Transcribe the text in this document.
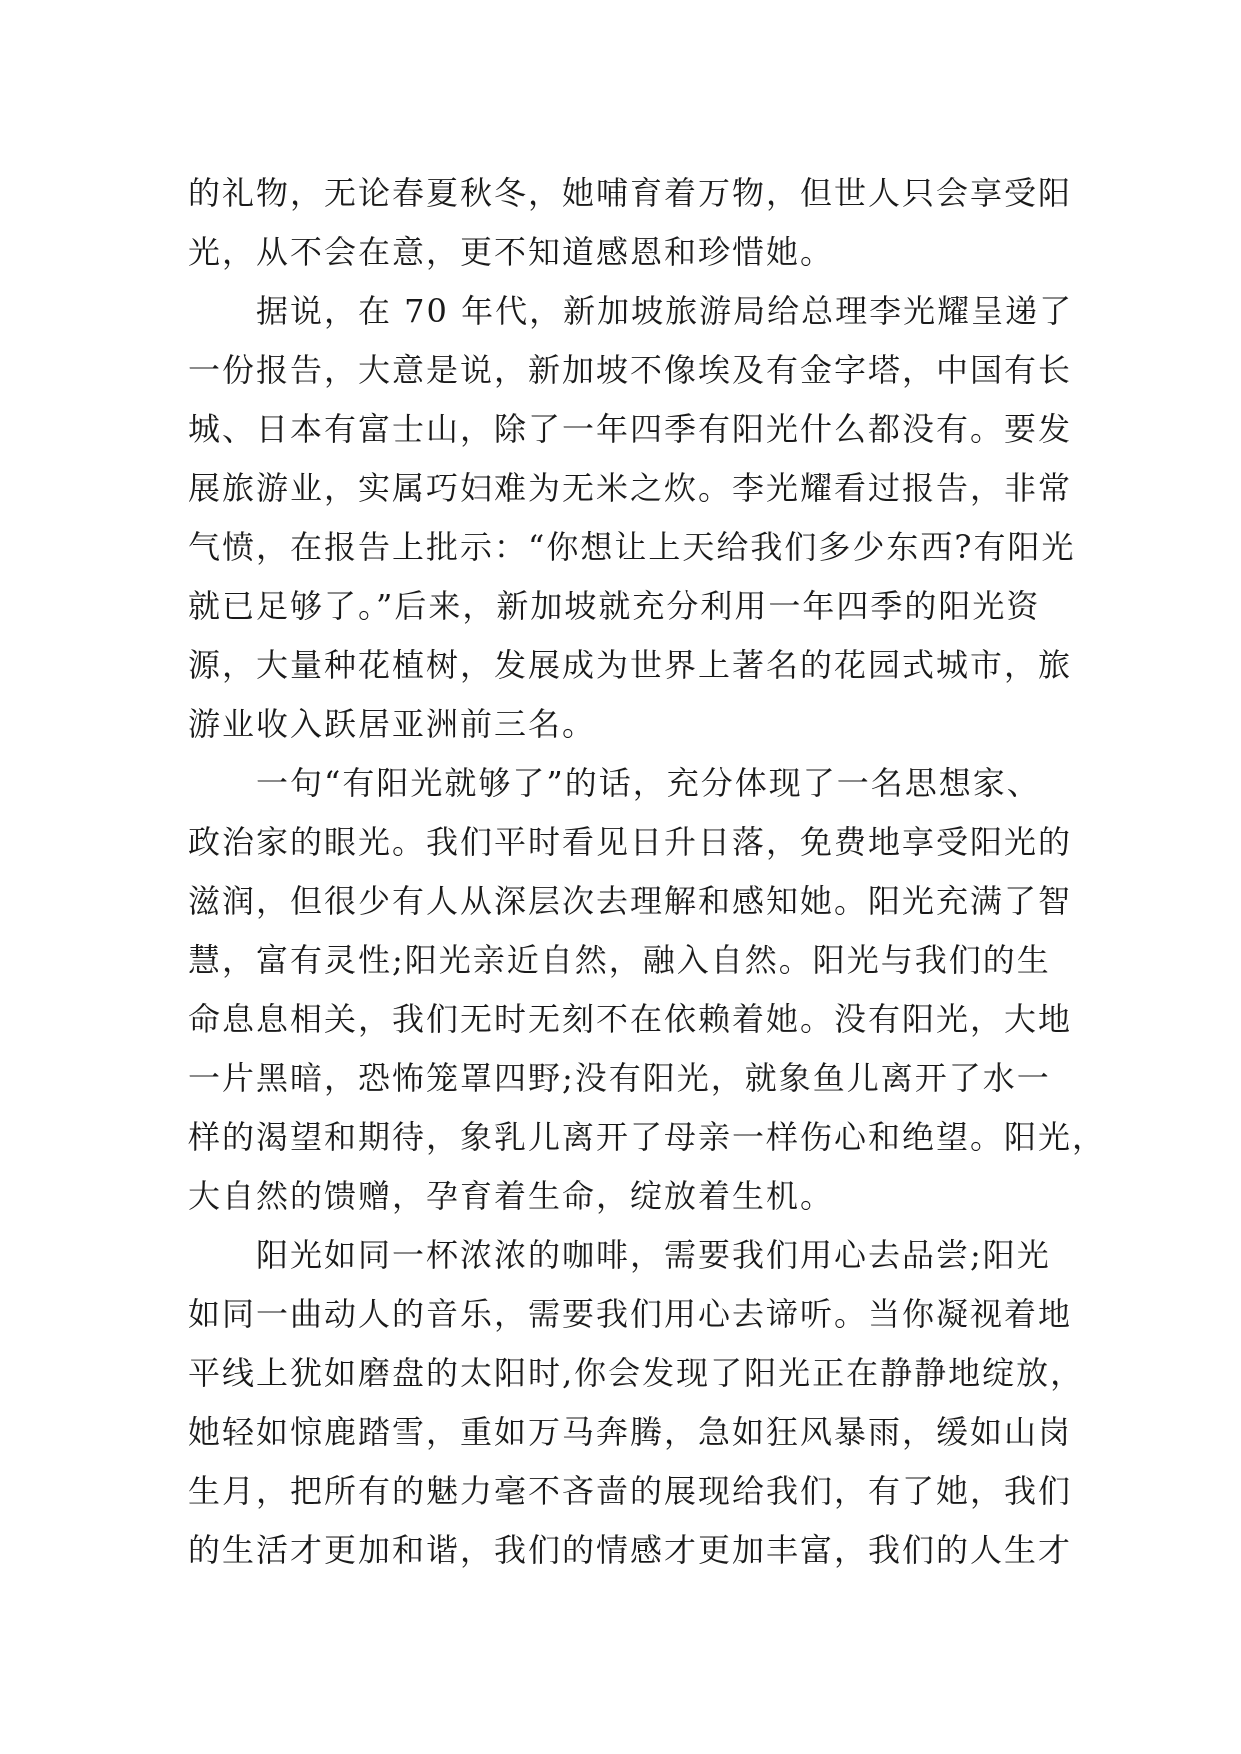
的礼物，无论春夏秋冬，她哺育着万物，但世人只会享受阳
光，从不会在意，更不知道感恩和珍惜她。

据说，在 70 年代，新加坡旅游局给总理李光耀呈递了
一份报告，大意是说，新加坡不像埃及有金字塔，中国有长
城、日本有富士山，除了一年四季有阳光什么都没有。要发
展旅游业，实属巧妇难为无米之炊。李光耀看过报告，非常
气愤，在报告上批示：“你想让上天给我们多少东西?有阳光
就已足够了。”后来，新加坡就充分利用一年四季的阳光资
源，大量种花植树，发展成为世界上著名的花园式城市，旅
游业收入跃居亚洲前三名。

一句“有阳光就够了”的话，充分体现了一名思想家、
政治家的眼光。我们平时看见日升日落，免费地享受阳光的
滋润，但很少有人从深层次去理解和感知她。阳光充满了智
慧，富有灵性;阳光亲近自然，融入自然。阳光与我们的生
命息息相关，我们无时无刻不在依赖着她。没有阳光，大地
一片黑暗，恐怖笼罩四野;没有阳光，就象鱼儿离开了水一
样的渴望和期待，象乳儿离开了母亲一样伤心和绝望。阳光，
大自然的馈赠，孕育着生命，绽放着生机。

阳光如同一杯浓浓的咖啡，需要我们用心去品尝;阳光
如同一曲动人的音乐，需要我们用心去谛听。当你凝视着地
平线上犹如磨盘的太阳时,你会发现了阳光正在静静地绽放，
她轻如惊鹿踏雪，重如万马奔腾，急如狂风暴雨，缓如山岗
生月，把所有的魅力毫不吝啬的展现给我们，有了她，我们
的生活才更加和谐，我们的情感才更加丰富，我们的人生才
